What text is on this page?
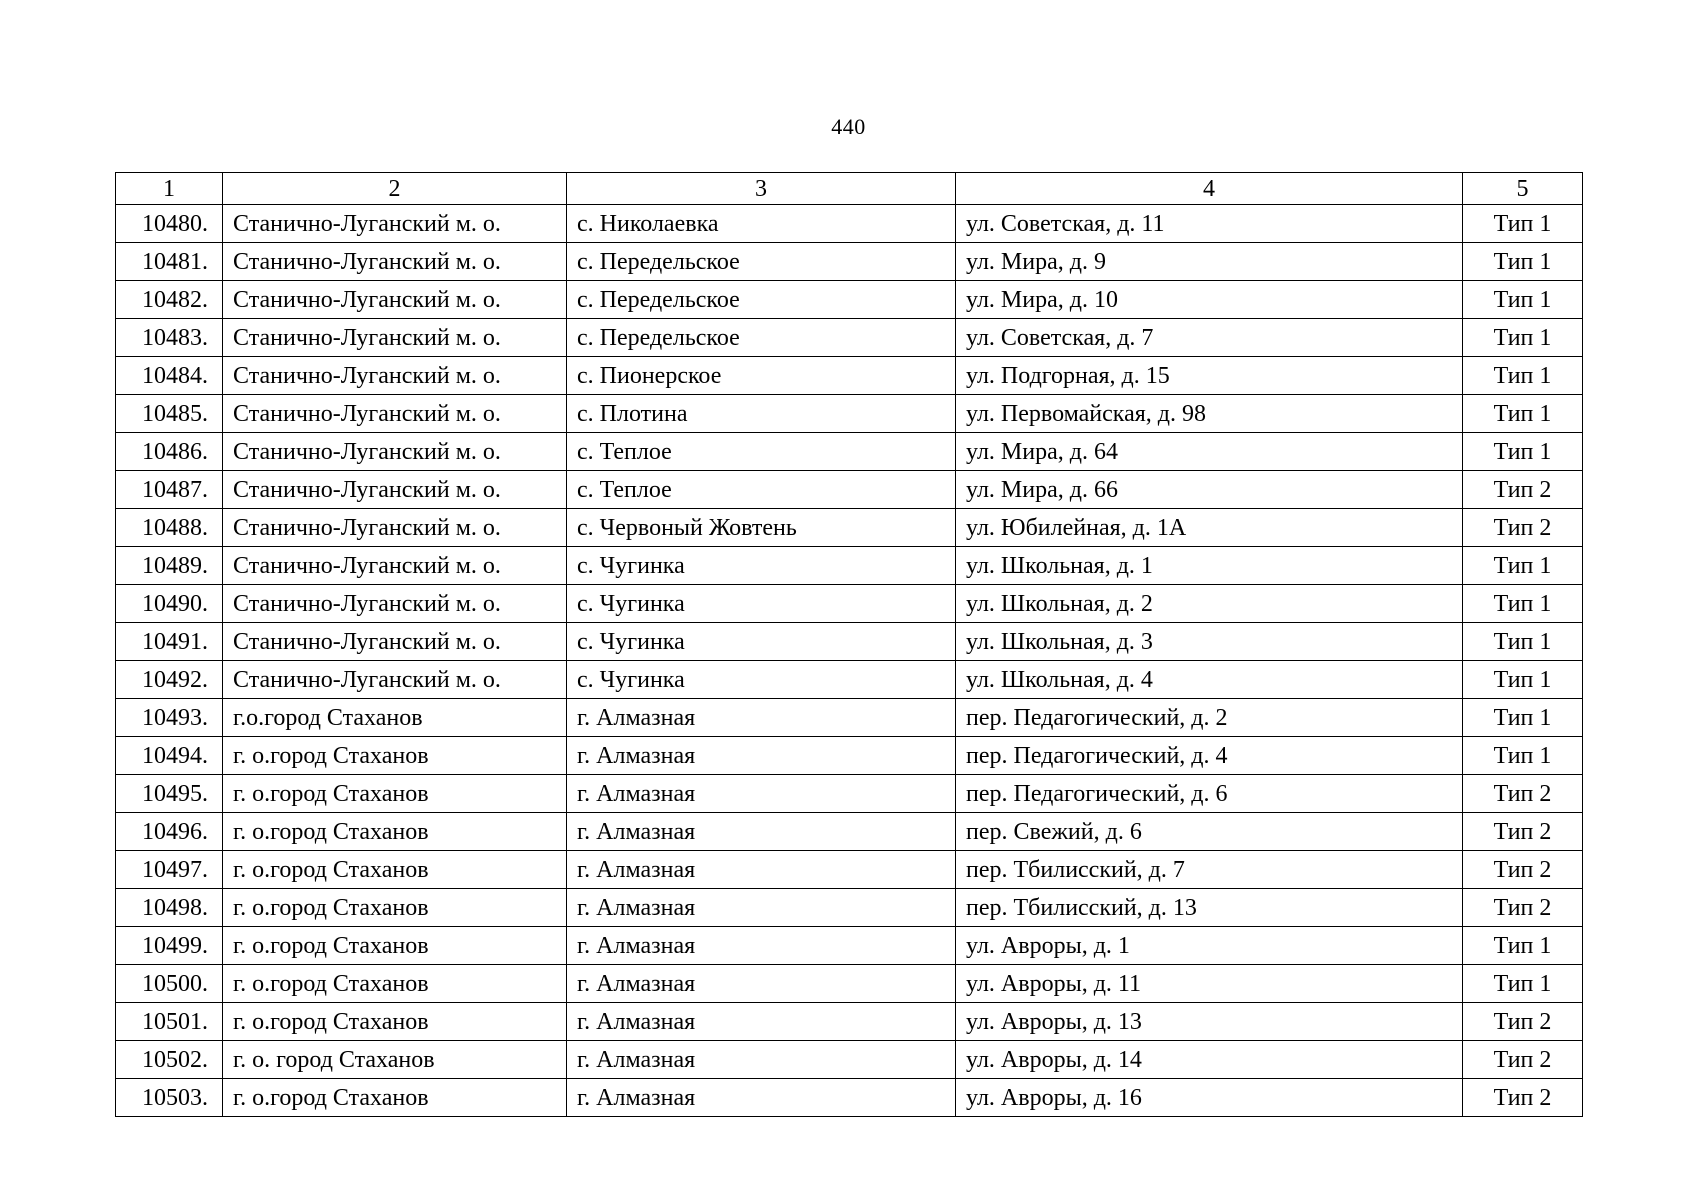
440
1	2	3	4	5
10480.	Станично-Луганский м. о.	с. Николаевка	ул. Советская, д. 11	Тип 1
10481.	Станично-Луганский м. о.	с. Передельское	ул. Мира, д. 9	Тип 1
10482.	Станично-Луганский м. о.	с. Передельское	ул. Мира, д. 10	Тип 1
10483.	Станично-Луганский м. о.	с. Передельское	ул. Советская, д. 7	Тип 1
10484.	Станично-Луганский м. о.	с. Пионерское	ул. Подгорная, д. 15	Тип 1
10485.	Станично-Луганский м. о.	с. Плотина	ул. Первомайская, д. 98	Тип 1
10486.	Станично-Луганский м. о.	с. Теплое	ул. Мира, д. 64	Тип 1
10487.	Станично-Луганский м. о.	с. Теплое	ул. Мира, д. 66	Тип 2
10488.	Станично-Луганский м. о.	с. Червоный Жовтень	ул. Юбилейная, д. 1А	Тип 2
10489.	Станично-Луганский м. о.	с. Чугинка	ул. Школьная, д. 1	Тип 1
10490.	Станично-Луганский м. о.	с. Чугинка	ул. Школьная, д. 2	Тип 1
10491.	Станично-Луганский м. о.	с. Чугинка	ул. Школьная, д. 3	Тип 1
10492.	Станично-Луганский м. о.	с. Чугинка	ул. Школьная, д. 4	Тип 1
10493.	г.о.город Стаханов	г. Алмазная	пер. Педагогический, д. 2	Тип 1
10494.	г. о.город Стаханов	г. Алмазная	пер. Педагогический, д. 4	Тип 1
10495.	г. о.город Стаханов	г. Алмазная	пер. Педагогический, д. 6	Тип 2
10496.	г. о.город Стаханов	г. Алмазная	пер. Свежий, д. 6	Тип 2
10497.	г. о.город Стаханов	г. Алмазная	пер. Тбилисский, д. 7	Тип 2
10498.	г. о.город Стаханов	г. Алмазная	пер. Тбилисский, д. 13	Тип 2
10499.	г. о.город Стаханов	г. Алмазная	ул. Авроры, д. 1	Тип 1
10500.	г. о.город Стаханов	г. Алмазная	ул. Авроры, д. 11	Тип 1
10501.	г. о.город Стаханов	г. Алмазная	ул. Авроры, д. 13	Тип 2
10502.	г. о. город Стаханов	г. Алмазная	ул. Авроры, д. 14	Тип 2
10503.	г. о.город Стаханов	г. Алмазная	ул. Авроры, д. 16	Тип 2
